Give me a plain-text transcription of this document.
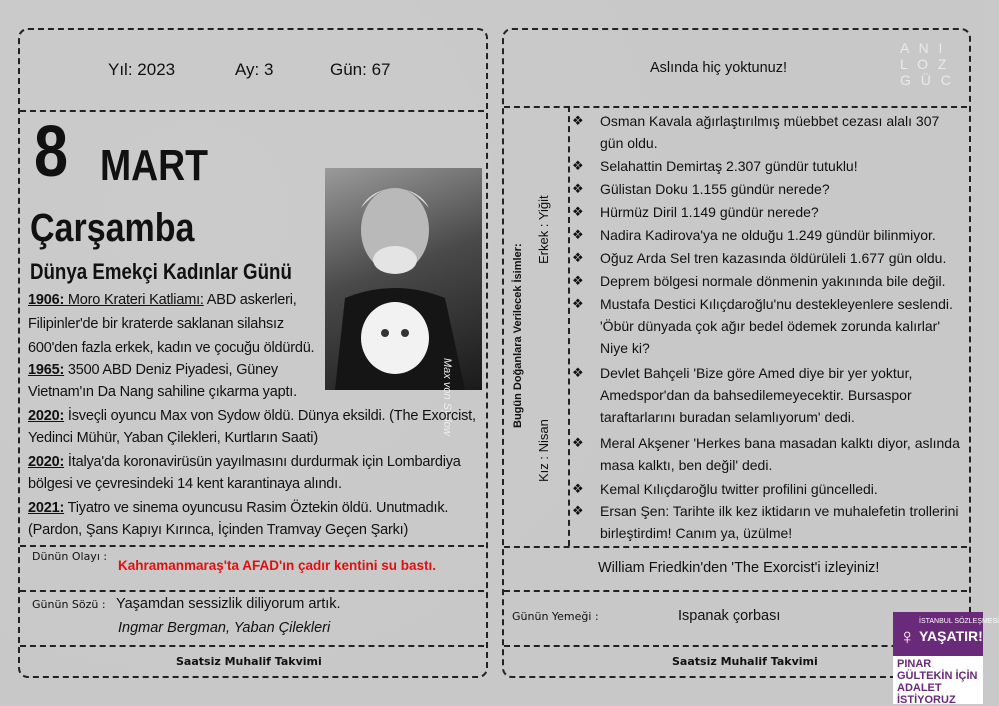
Yıl: 2023	Ay: 3	Gün: 67
8 MART
Çarşamba
Dünya Emekçi Kadınlar Günü
Max von Sydow
1906: Moro Krateri Katliamı: ABD askerleri,
Filipinler'de bir kraterde saklanan silahsız
600'den fazla erkek, kadın ve çocuğu öldürdü.
1965: 3500 ABD Deniz Piyadesi, Güney
Vietnam'ın Da Nang sahiline çıkarma yaptı.
2020: İsveçli oyuncu Max von Sydow öldü. Dünya eksildi. (The Exorcist,
Yedinci Mühür, Yaban Çilekleri, Kurtların Saati)
2020: İtalya'da koronavirüsün yayılmasını durdurmak için Lombardiya
bölgesi ve çevresindeki 14 kent karantinaya alındı.
2021: Tiyatro ve sinema oyuncusu Rasim Öztekin öldü. Unutmadık.
(Pardon, Şans Kapıyı Kırınca, İçinden Tramvay Geçen Şarkı)
Dünün Olayı :
Kahramanmaraş'ta AFAD'ın çadır kentini su bastı.
Günün Sözü : Yaşamdan sessizlik diliyorum artık.
Ingmar Bergman, Yaban Çilekleri
Saatsiz Muhalif Takvimi
Aslında hiç yoktunuz!
A N I
L O Z
G Ü C
Bugün Doğanlara Verilecek İsimler:
Erkek : Yiğit
Kız : Nisan
❖ Osman Kavala ağırlaştırılmış müebbet cezası alalı 307 gün oldu.
❖ Selahattin Demirtaş 2.307 gündür tutuklu!
❖ Gülistan Doku 1.155 gündür nerede?
❖ Hürmüz Diril 1.149 gündür nerede?
❖ Nadira Kadirova'ya ne olduğu 1.249 gündür bilinmiyor.
❖ Oğuz Arda Sel tren kazasında öldürüleli 1.677 gün oldu.
❖ Deprem bölgesi normale dönmenin yakınında bile değil.
❖ Mustafa Destici Kılıçdaroğlu'nu destekleyenlere seslendi. 'Öbür dünyada çok ağır bedel ödemek zorunda kalırlar' Niye ki?
❖ Devlet Bahçeli 'Bize göre Amed diye bir yer yoktur, Amedspor'dan da bahsedilemeyecektir. Bursaspor taraftarlarını buradan selamlıyorum' dedi.
❖ Meral Akşener 'Herkes bana masadan kalktı diyor, aslında masa kalktı, ben değil' dedi.
❖ Kemal Kılıçdaroğlu twitter profilini güncelledi.
❖ Ersan Şen: Tarihte ilk kez iktidarın ve muhalefetin trollerini birleştirdim! Canım ya, üzülme!
William Friedkin'den 'The Exorcist'i izleyiniz!
Günün Yemeği :	Ispanak çorbası
Saatsiz Muhalif Takvimi
♀
İSTANBUL SÖZLEŞMESİ
YAŞATIR!
PINAR GÜLTEKİN İÇİN ADALET İSTİYORUZ
